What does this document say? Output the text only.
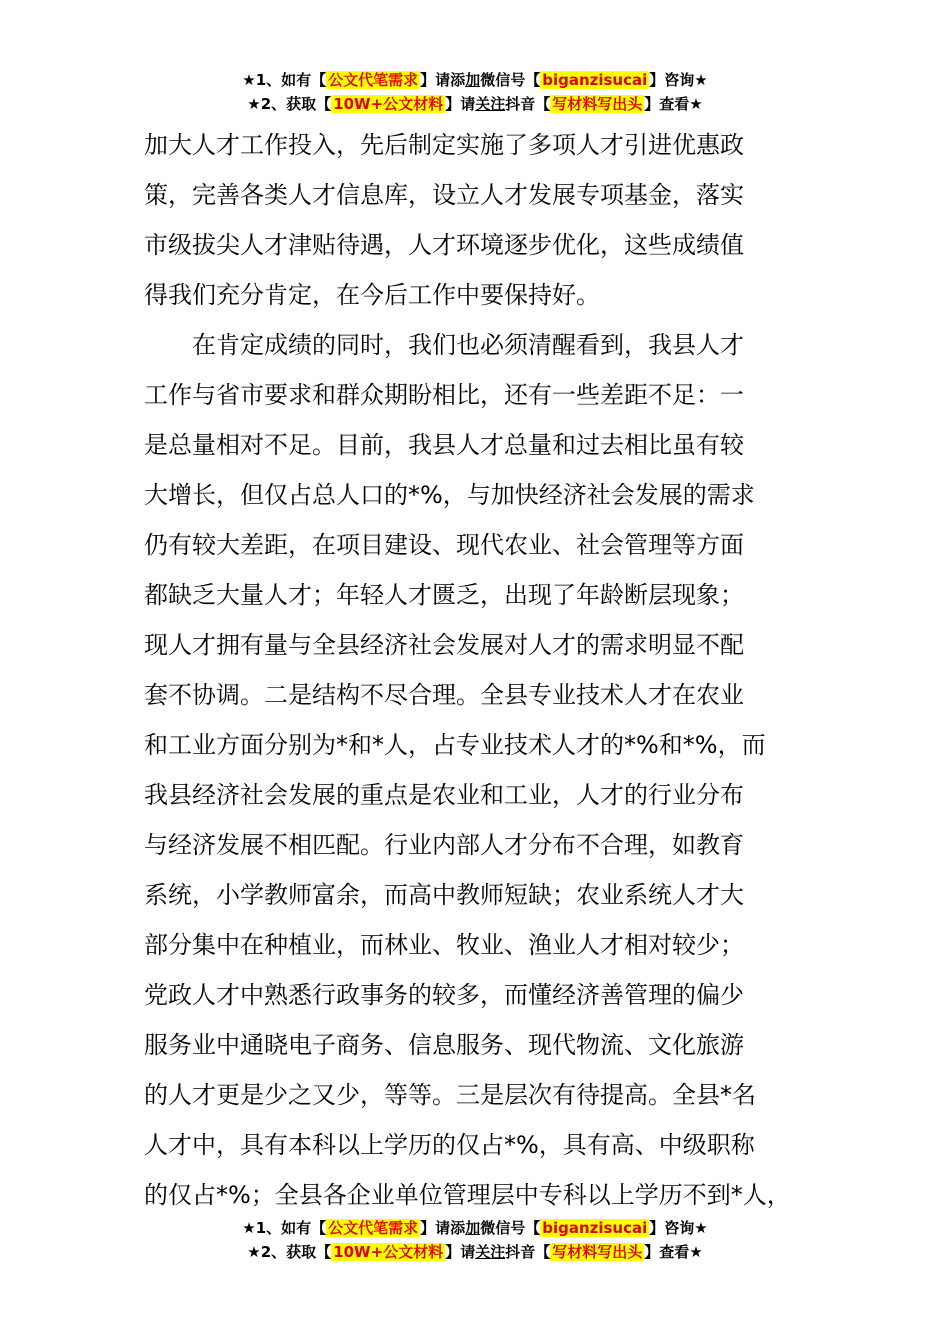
★1、如有【 公文代笔需求 】请添加微信号【 biganzisucai 】咨询★
★2、获取【 10W+公文材料 】请关注抖音【 写材料写出头 】查看★
加大人才工作投入，先后制定实施了多项人才引进优惠政
策，完善各类人才信息库，设立人才发展专项基金，落实
市级拔尖人才津贴待遇，人才环境逐步优化，这些成绩值
得我们充分肯定，在今后工作中要保持好。
　　在肯定成绩的同时，我们也必须清醒看到，我县人才
工作与省市要求和群众期盼相比，还有一些差距不足：一
是总量相对不足。目前，我县人才总量和过去相比虽有较
大增长，但仅占总人口的*%，与加快经济社会发展的需求
仍有较大差距，在项目建设、现代农业、社会管理等方面
都缺乏大量人才；年轻人才匮乏，出现了年龄断层现象；
现人才拥有量与全县经济社会发展对人才的需求明显不配
套不协调。二是结构不尽合理。全县专业技术人才在农业
和工业方面分别为*和*人，占专业技术人才的*%和*%，而
我县经济社会发展的重点是农业和工业，人才的行业分布
与经济发展不相匹配。行业内部人才分布不合理，如教育
系统，小学教师富余，而高中教师短缺；农业系统人才大
部分集中在种植业，而林业、牧业、渔业人才相对较少；
党政人才中熟悉行政事务的较多，而懂经济善管理的偏少
服务业中通晓电子商务、信息服务、现代物流、文化旅游
的人才更是少之又少，等等。三是层次有待提高。全县*名
人才中，具有本科以上学历的仅占*%，具有高、中级职称
的仅占*%；全县各企业单位管理层中专科以上学历不到*人，
★1、如有【 公文代笔需求 】请添加微信号【 biganzisucai 】咨询★
★2、获取【 10W+公文材料 】请关注抖音【 写材料写出头 】查看★
